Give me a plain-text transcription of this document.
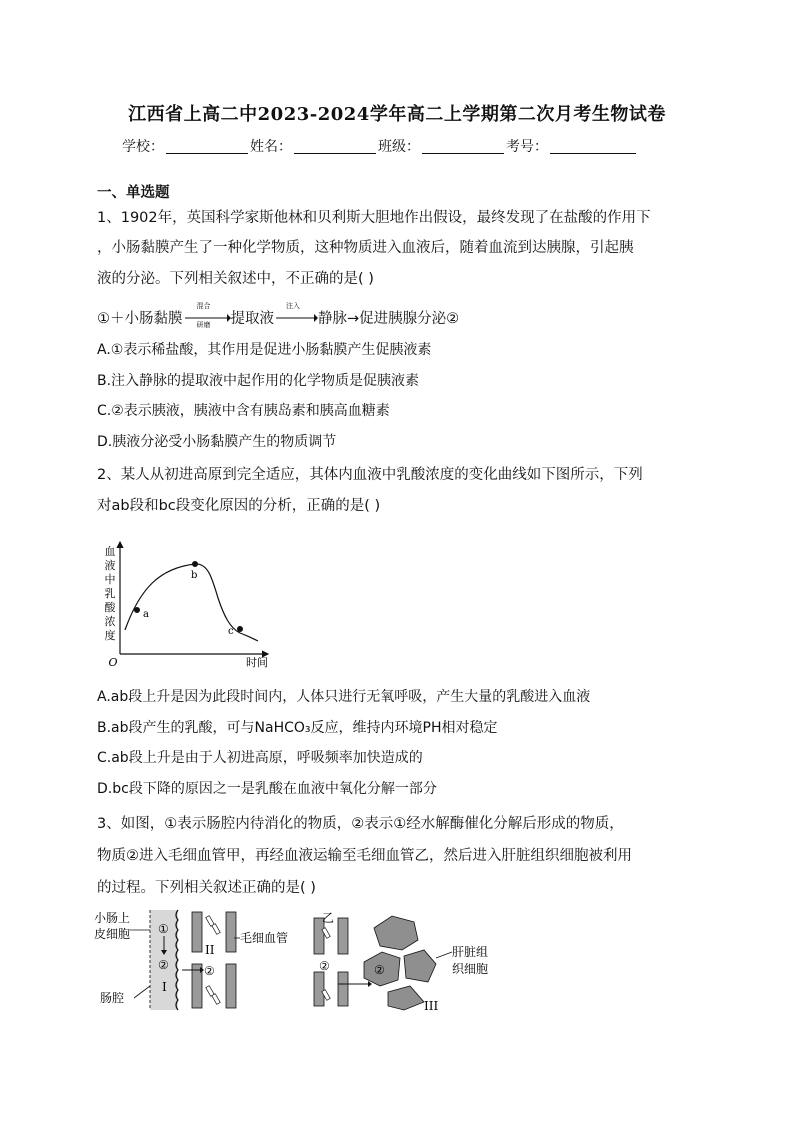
江西省上高二中2023-2024学年高二上学期第二次月考生物试卷
学校：	姓名：	班级：	考号：
一、单选题
1、1902年，英国科学家斯他林和贝利斯大胆地作出假设，最终发现了在盐酸的作用下
，小肠黏膜产生了一种化学物质，这种物质进入血液后，随着血流到达胰腺，引起胰
液的分泌。下列相关叙述中，不正确的是( )
①＋小肠黏膜
混合
研磨 提取液
注入
静脉→促进胰腺分泌②
A.①表示稀盐酸，其作用是促进小肠黏膜产生促胰液素
B.注入静脉的提取液中起作用的化学物质是促胰液素
C.②表示胰液，胰液中含有胰岛素和胰高血糖素
D.胰液分泌受小肠黏膜产生的物质调节
2、某人从初进高原到完全适应，其体内血液中乳酸浓度的变化曲线如下图所示，下列
对ab段和bc段变化原因的分析，正确的是( )
血
液
中
乳
酸
浓
度
O	时间
a
b
c
A.ab段上升是因为此段时间内，人体只进行无氧呼吸，产生大量的乳酸进入血液
B.ab段产生的乳酸，可与NaHCO₃反应，维持内环境PH相对稳定
C.ab段上升是由于人初进高原，呼吸频率加快造成的
D.bc段下降的原因之一是乳酸在血液中氧化分解一部分
3、如图，①表示肠腔内待消化的物质，②表示①经水解酶催化分解后形成的物质，
物质②进入毛细血管甲，再经血液运输至毛细血管乙，然后进入肝脏组织细胞被利用
的过程。下列相关叙述正确的是( )
小肠上
皮细胞
肠腔
①
②
I
II
②
毛细血管
乙
②	②
III
肝脏组
织细胞
